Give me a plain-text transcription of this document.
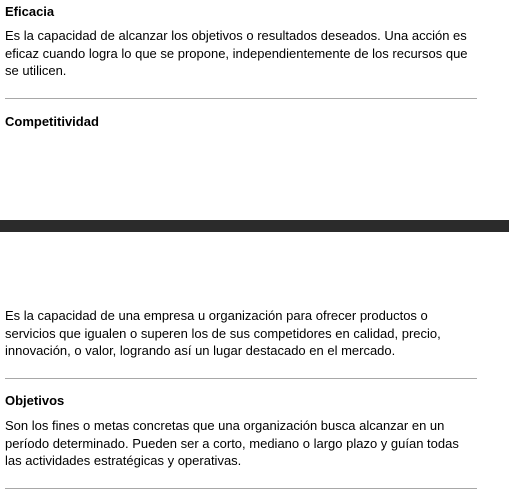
Eficacia

Es la capacidad de alcanzar los objetivos o resultados deseados. Una acción es eficaz cuando logra lo que se propone, independientemente de los recursos que se utilicen.

Competitividad

Es la capacidad de una empresa u organización para ofrecer productos o servicios que igualen o superen los de sus competidores en calidad, precio, innovación, o valor, logrando así un lugar destacado en el mercado.

Objetivos

Son los fines o metas concretas que una organización busca alcanzar en un período determinado. Pueden ser a corto, mediano o largo plazo y guían todas las actividades estratégicas y operativas.
